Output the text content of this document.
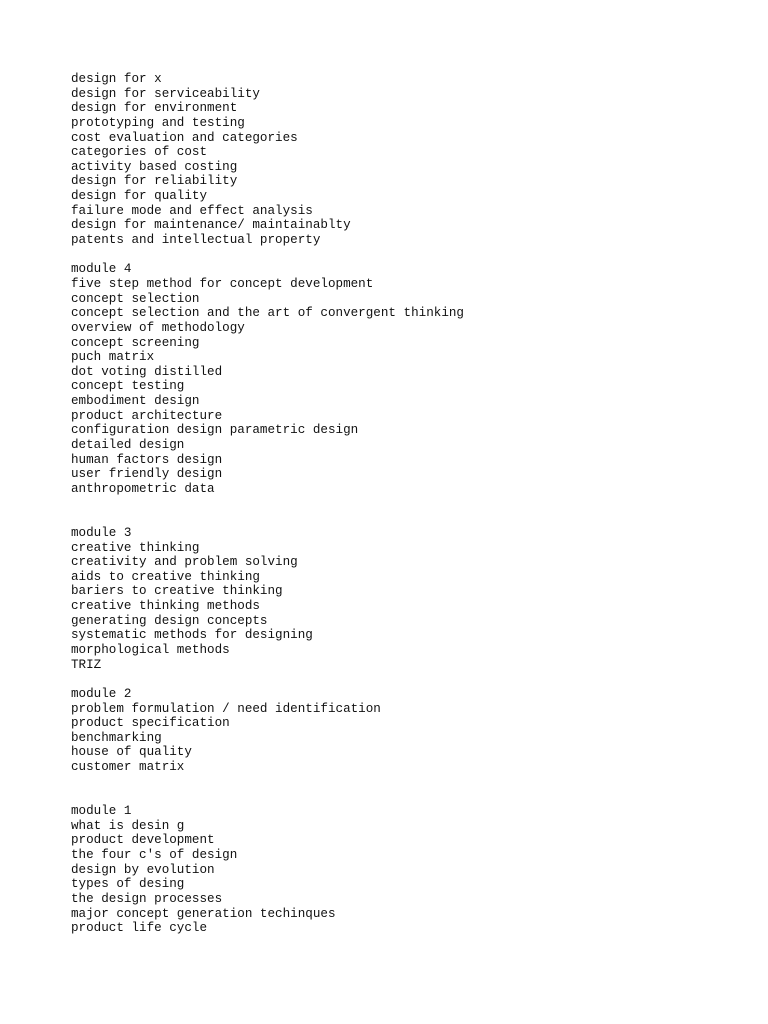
design for x
design for serviceability
design for environment
prototyping and testing
cost evaluation and categories
categories of cost
activity based costing
design for reliability
design for quality
failure mode and effect analysis
design for maintenance/ maintainablty
patents and intellectual property
module 4
five step method for concept development
concept selection
concept selection and the art of convergent thinking
overview of methodology
concept screening
puch matrix
dot voting distilled
concept testing
embodiment design
product architecture
configuration design parametric design
detailed design
human factors design
user friendly design
anthropometric data
module 3
creative thinking
creativity and problem solving
aids to creative thinking
bariers to creative thinking
creative thinking methods
generating design concepts
systematic methods for designing
morphological methods
TRIZ
module 2
problem formulation / need identification
product specification
benchmarking
house of quality
customer matrix
module 1
what is desin g
product development
the four c's of design
design by evolution
types of desing
the design processes
major concept generation techinques
product life cycle
